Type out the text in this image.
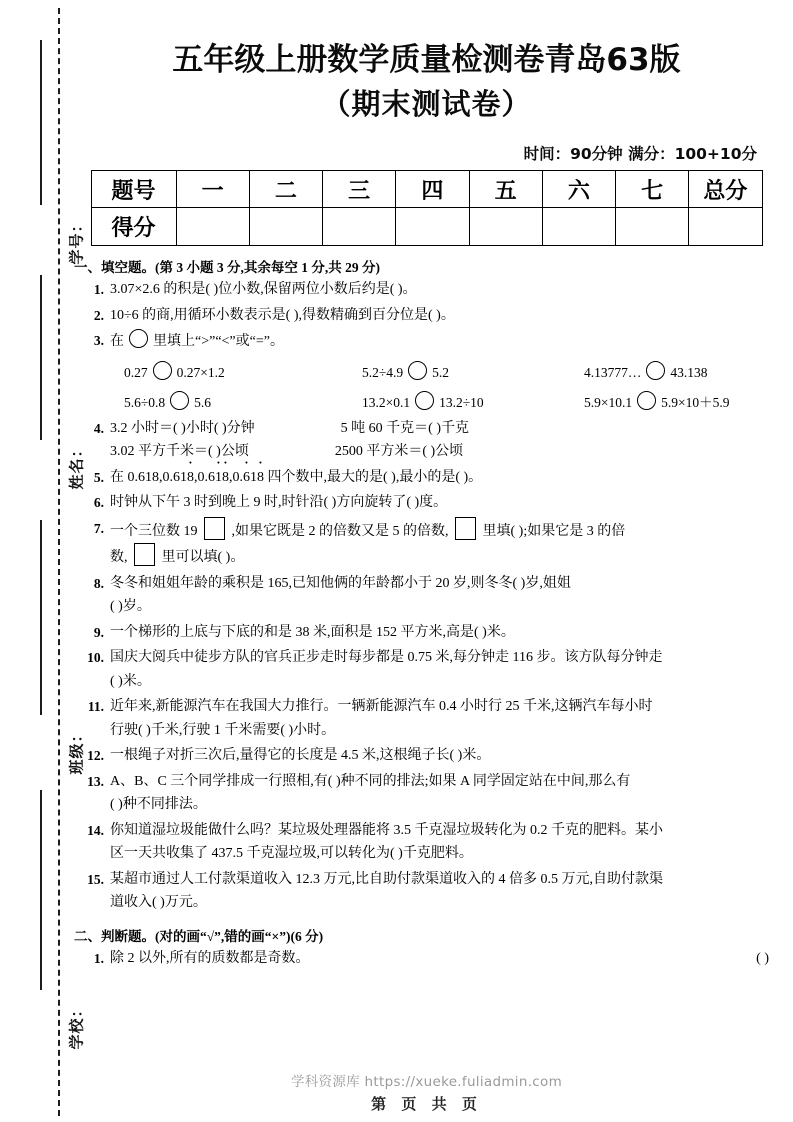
学号：
姓名：
班级：
学校：
五年级上册数学质量检测卷青岛63版
（期末测试卷）
时间：90分钟 满分：100+10分
题号	一	二	三	四	五	六	七	总分
得分								
一、填空题。(第 3 小题 3 分,其余每空 1 分,共 29 分)
1. 3.07×2.6 的积是( )位小数,保留两位小数后约是( )。
2. 10÷6 的商,用循环小数表示是( ),得数精确到百分位是( )。
3. 在 里填上“>”“<”或“=”。
0.27 0.27×1.2	5.2÷4.9 5.2	4.13777… 43.138
5.6÷0.8 5.6	13.2×0.1 13.2÷10	5.9×10.1 5.9×10＋5.9
4. 3.2 小时＝( )小时( )分钟	5 吨 60 千克＝( )千克
3.02 平方千米＝( )公顷	2500 平方米＝( )公顷
5. 在 0.618,0.618 ·,0.61 ·8 ·,0.6 ·18 · 四个数中,最大的是( ),最小的是( )。
6. 时钟从下午 3 时到晚上 9 时,时针沿( )方向旋转了( )度。
7. 一个三位数 19  ,如果它既是 2 的倍数又是 5 的倍数,  里填( );如果它是 3 的倍
数,  里可以填( )。
8. 冬冬和姐姐年龄的乘积是 165,已知他俩的年龄都小于 20 岁,则冬冬( )岁,姐姐
( )岁。
9. 一个梯形的上底与下底的和是 38 米,面积是 152 平方米,高是( )米。
10. 国庆大阅兵中徒步方队的官兵正步走时每步都是 0.75 米,每分钟走 116 步。该方队每分钟走
( )米。
11. 近年来,新能源汽车在我国大力推行。一辆新能源汽车 0.4 小时行 25 千米,这辆汽车每小时
行驶( )千米,行驶 1 千米需要( )小时。
12. 一根绳子对折三次后,量得它的长度是 4.5 米,这根绳子长( )米。
13. A、B、C 三个同学排成一行照相,有( )种不同的排法;如果 A 同学固定站在中间,那么有
( )种不同排法。
14. 你知道湿垃圾能做什么吗？某垃圾处理器能将 3.5 千克湿垃圾转化为 0.2 千克的肥料。某小
区一天共收集了 437.5 千克湿垃圾,可以转化为( )千克肥料。
15. 某超市通过人工付款渠道收入 12.3 万元,比自助付款渠道收入的 4 倍多 0.5 万元,自助付款渠
道收入( )万元。
二、判断题。(对的画“√”,错的画“×”)(6 分)
1. 除 2 以外,所有的质数都是奇数。	( )
学科资源库 https://xueke.fuliadmin.com
第 页 共 页
